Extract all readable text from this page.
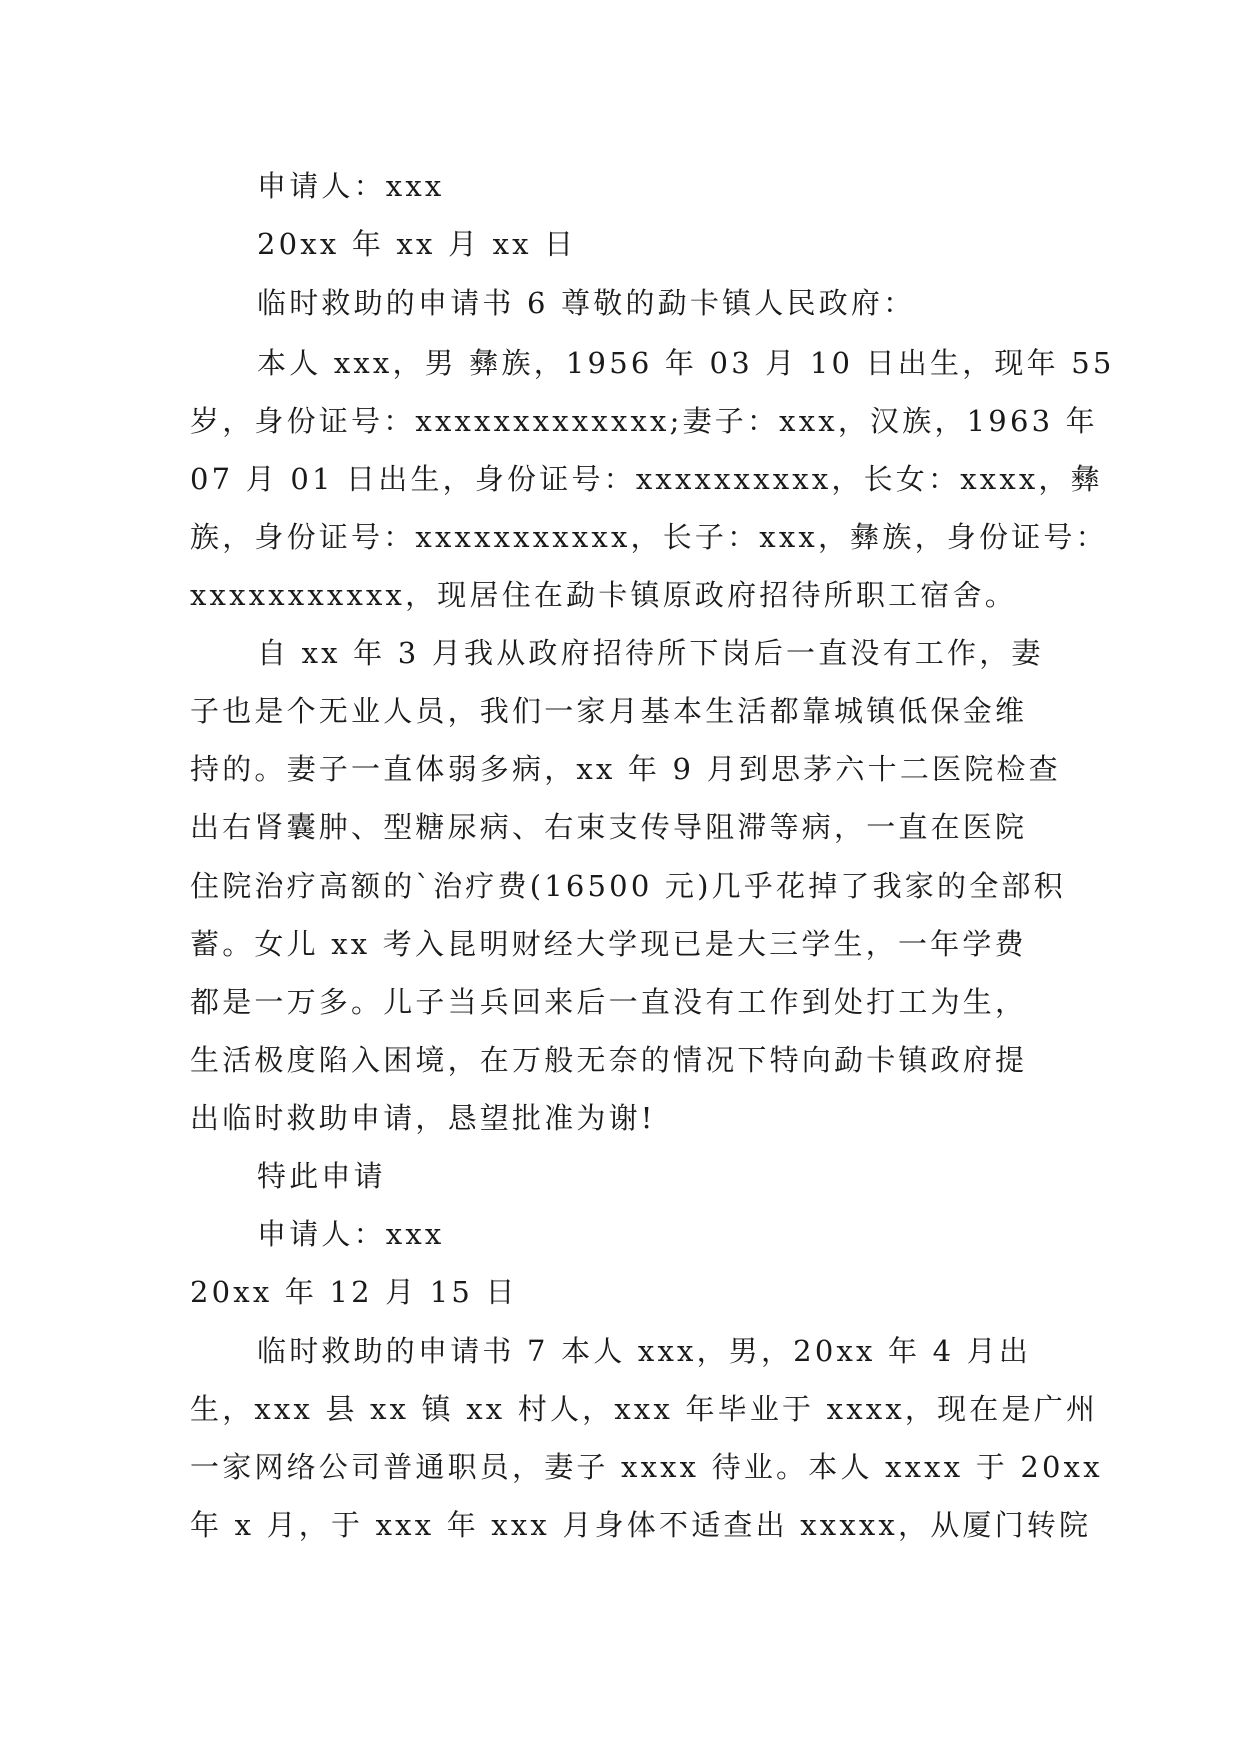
申请人：xxx
20xx 年 xx 月 xx 日
临时救助的申请书 6 尊敬的勐卡镇人民政府：
本人 xxx，男 彝族，1956 年 03 月 10 日出生，现年 55
岁，身份证号：xxxxxxxxxxxxx;妻子：xxx，汉族，1963 年
07 月 01 日出生，身份证号：xxxxxxxxxx，长女：xxxx，彝
族，身份证号：xxxxxxxxxxx，长子：xxx，彝族，身份证号：
xxxxxxxxxxx，现居住在勐卡镇原政府招待所职工宿舍。
自 xx 年 3 月我从政府招待所下岗后一直没有工作，妻
子也是个无业人员，我们一家月基本生活都靠城镇低保金维
持的。妻子一直体弱多病，xx 年 9 月到思茅六十二医院检查
出右肾囊肿、型糖尿病、右束支传导阻滞等病，一直在医院
住院治疗高额的`治疗费(16500 元)几乎花掉了我家的全部积
蓄。女儿 xx 考入昆明财经大学现已是大三学生，一年学费
都是一万多。儿子当兵回来后一直没有工作到处打工为生，
生活极度陷入困境，在万般无奈的情况下特向勐卡镇政府提
出临时救助申请，恳望批准为谢!
特此申请
申请人：xxx
20xx 年 12 月 15 日
临时救助的申请书 7 本人 xxx，男，20xx 年 4 月出
生，xxx 县 xx 镇 xx 村人，xxx 年毕业于 xxxx，现在是广州
一家网络公司普通职员，妻子 xxxx 待业。本人 xxxx 于 20xx
年 x 月，于 xxx 年 xxx 月身体不适查出 xxxxx，从厦门转院
